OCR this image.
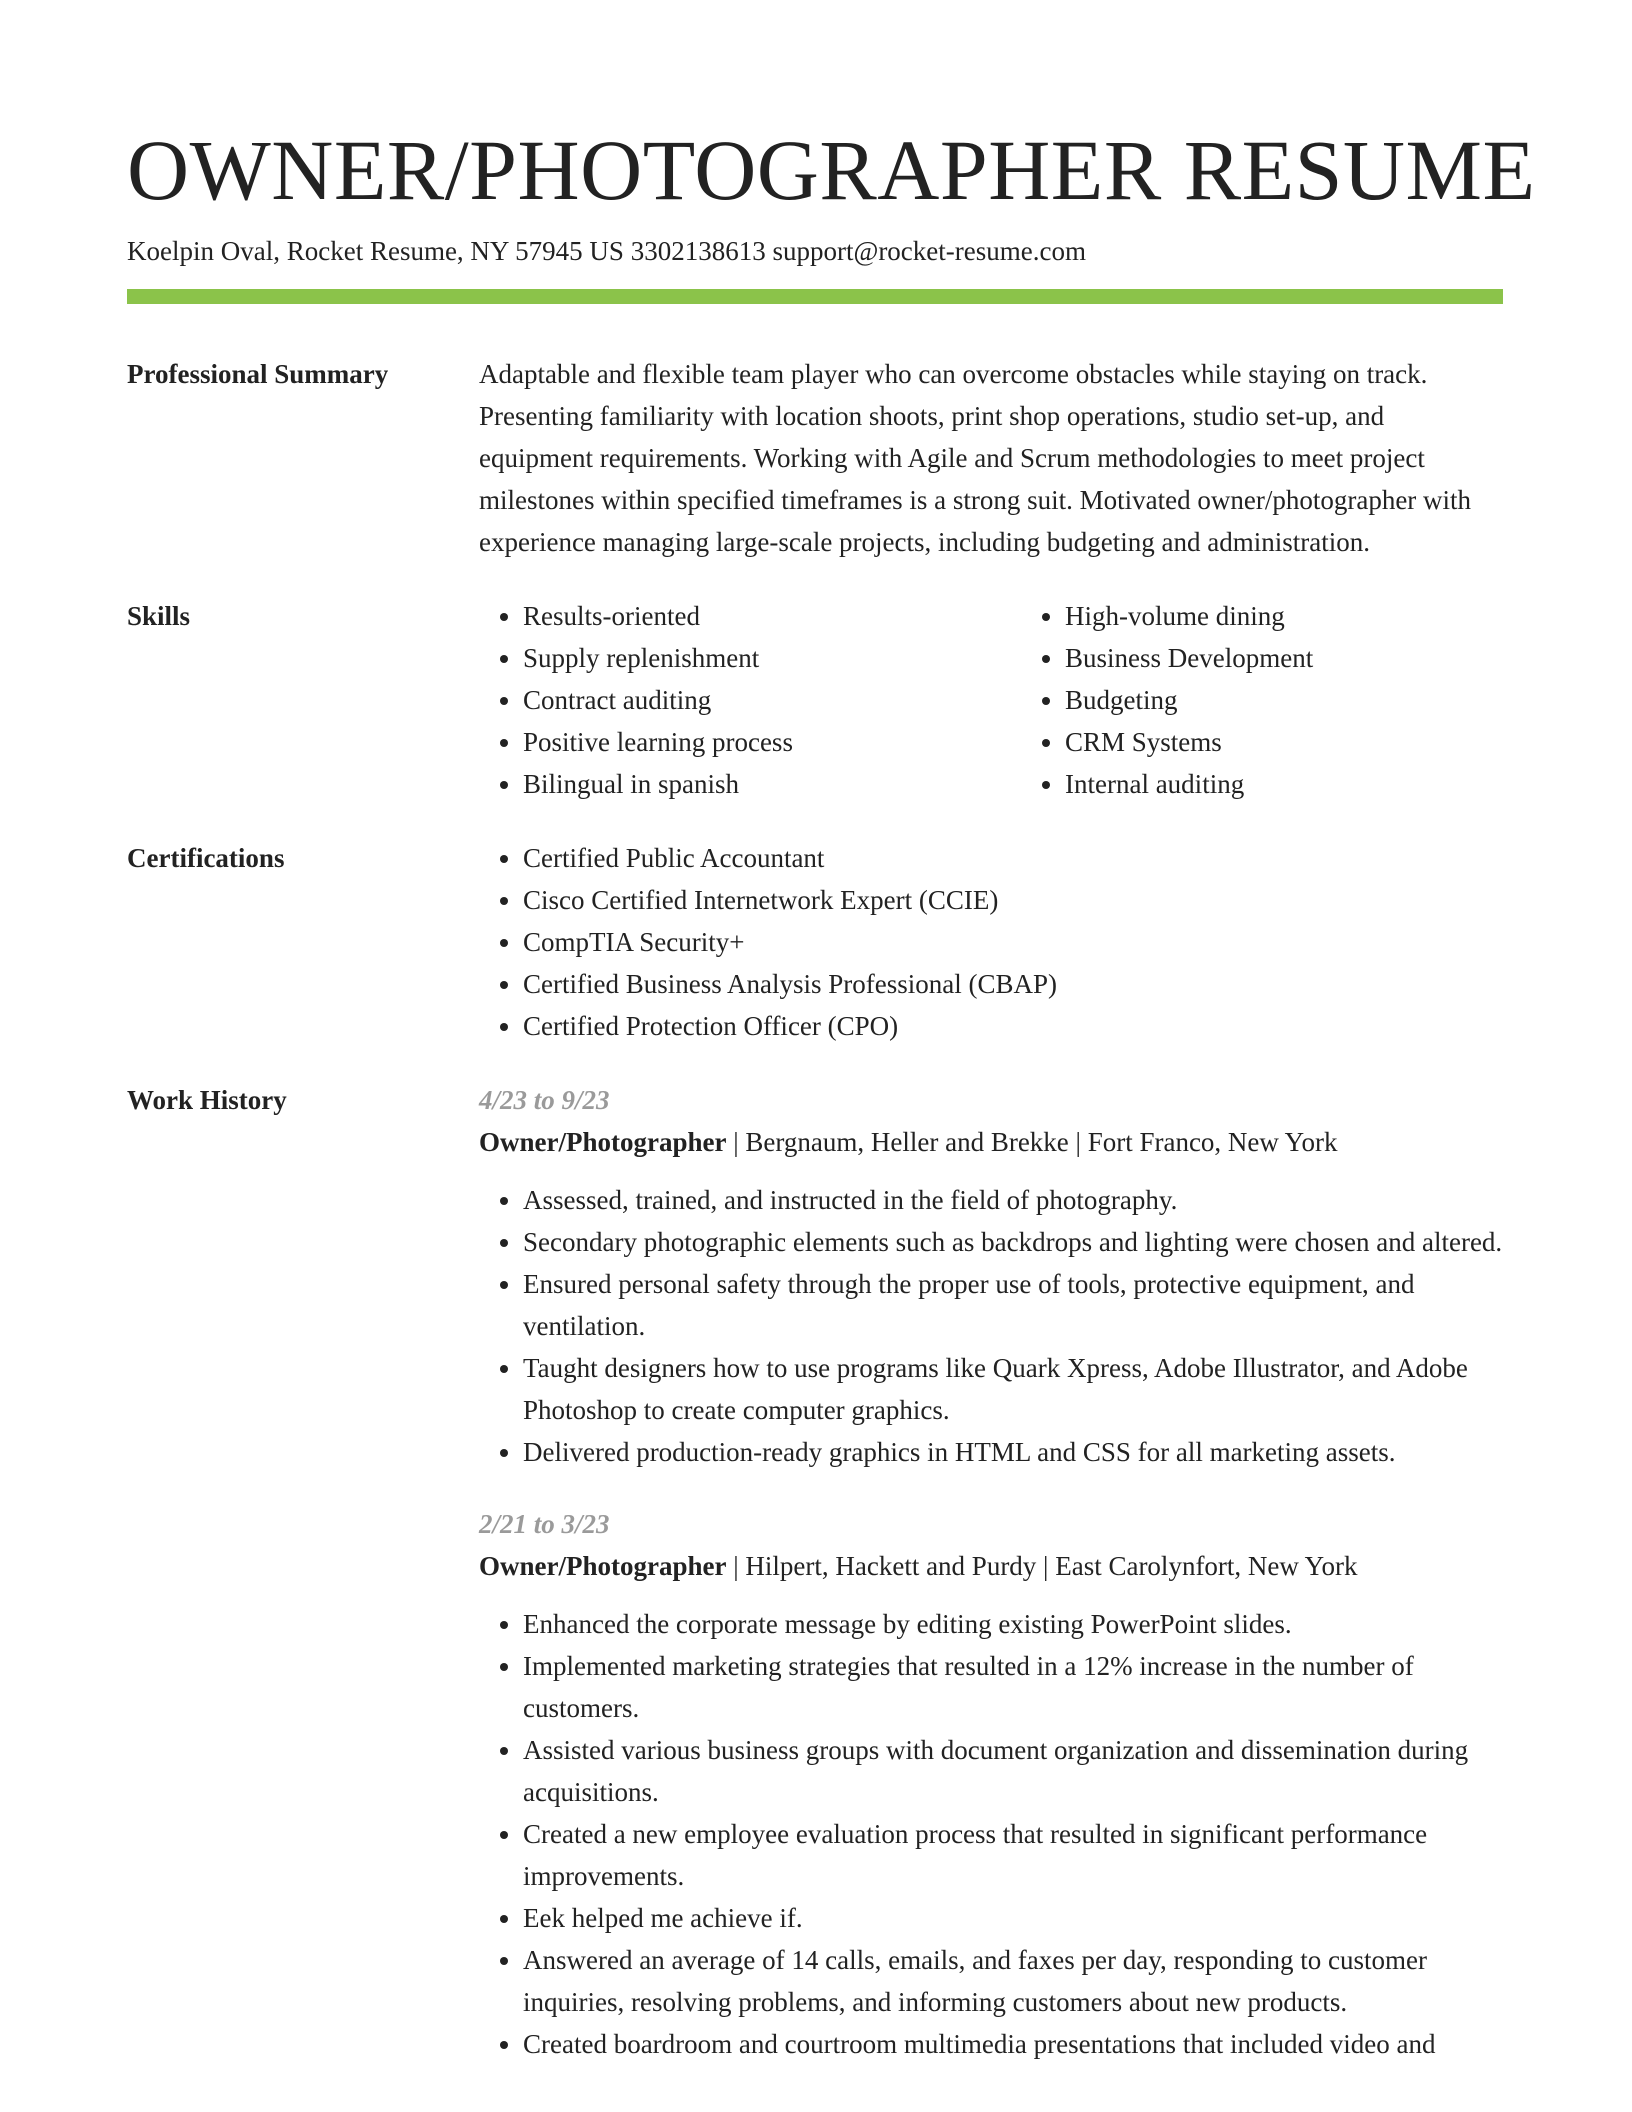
OWNER/PHOTOGRAPHER RESUME
Koelpin Oval, Rocket Resume, NY 57945 US 3302138613 support@rocket-resume.com
Professional Summary	Adaptable and flexible team player who can overcome obstacles while staying on track. Presenting familiarity with location shoots, print shop operations, studio set-up, and equipment requirements. Working with Agile and Scrum methodologies to meet project milestones within specified timeframes is a strong suit. Motivated owner/photographer with experience managing large-scale projects, including budgeting and administration.

Skills	• Results-oriented
• Supply replenishment
• Contract auditing
• Positive learning process
• Bilingual in spanish
• High-volume dining
• Business Development
• Budgeting
• CRM Systems
• Internal auditing
Certifications	• Certified Public Accountant
• Cisco Certified Internetwork Expert (CCIE)
• CompTIA Security+
• Certified Business Analysis Professional (CBAP)
• Certified Protection Officer (CPO)
Work History	4/23 to 9/23
Owner/Photographer | Bergnaum, Heller and Brekke | Fort Franco, New York
• Assessed, trained, and instructed in the field of photography.
• Secondary photographic elements such as backdrops and lighting were chosen and altered.
• Ensured personal safety through the proper use of tools, protective equipment, and ventilation.
• Taught designers how to use programs like Quark Xpress, Adobe Illustrator, and Adobe Photoshop to create computer graphics.
• Delivered production-ready graphics in HTML and CSS for all marketing assets.
2/21 to 3/23
Owner/Photographer | Hilpert, Hackett and Purdy | East Carolynfort, New York
• Enhanced the corporate message by editing existing PowerPoint slides.
• Implemented marketing strategies that resulted in a 12% increase in the number of customers.
• Assisted various business groups with document organization and dissemination during acquisitions.
• Created a new employee evaluation process that resulted in significant performance improvements.
• Eek helped me achieve if.
• Answered an average of 14 calls, emails, and faxes per day, responding to customer inquiries, resolving problems, and informing customers about new products.
• Created boardroom and courtroom multimedia presentations that included video and
